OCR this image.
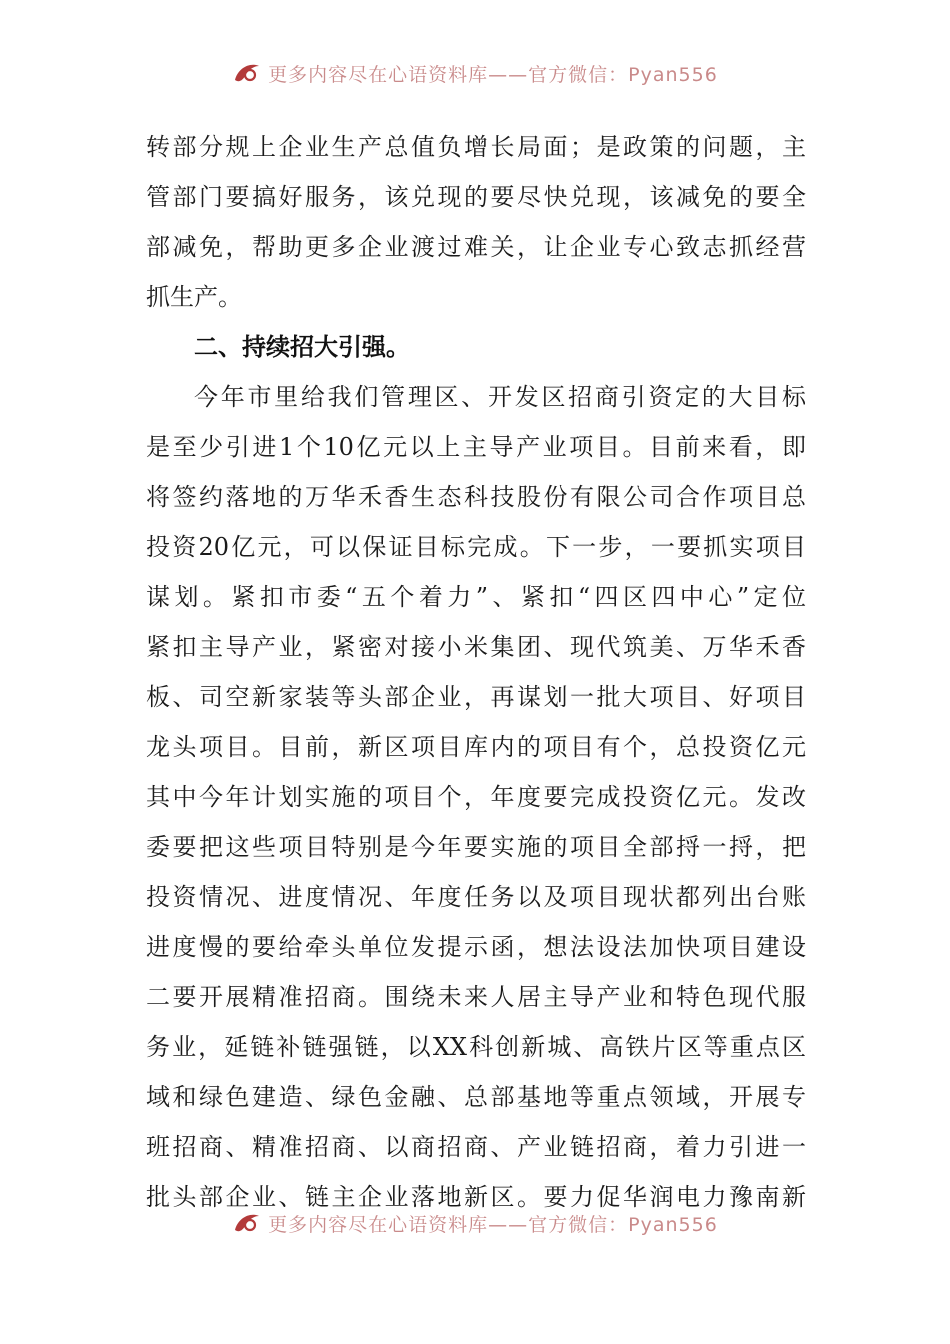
更多内容尽在心语资料库——官方微信：Pyan556
转部分规上企业生产总值负增长局面；是政策的问题，主
管部门要搞好服务，该兑现的要尽快兑现，该减免的要全
部减免，帮助更多企业渡过难关，让企业专心致志抓经营
抓生产。
二、持续招大引强。
今年市里给我们管理区、开发区招商引资定的大目标
是至少引进1个10亿元以上主导产业项目。目前来看，即
将签约落地的万华禾香生态科技股份有限公司合作项目总
投资20亿元，可以保证目标完成。下一步，一要抓实项目
谋划。紧扣市委“五个着力”、紧扣“四区四中心”定位
紧扣主导产业，紧密对接小米集团、现代筑美、万华禾香
板、司空新家装等头部企业，再谋划一批大项目、好项目
龙头项目。目前，新区项目库内的项目有个，总投资亿元
其中今年计划实施的项目个，年度要完成投资亿元。发改
委要把这些项目特别是今年要实施的项目全部捋一捋，把
投资情况、进度情况、年度任务以及项目现状都列出台账
进度慢的要给牵头单位发提示函，想法设法加快项目建设
二要开展精准招商。围绕未来人居主导产业和特色现代服
务业，延链补链强链，以XX科创新城、高铁片区等重点区
域和绿色建造、绿色金融、总部基地等重点领域，开展专
班招商、精准招商、以商招商、产业链招商，着力引进一
批头部企业、链主企业落地新区。要力促华润电力豫南新
更多内容尽在心语资料库——官方微信：Pyan556
